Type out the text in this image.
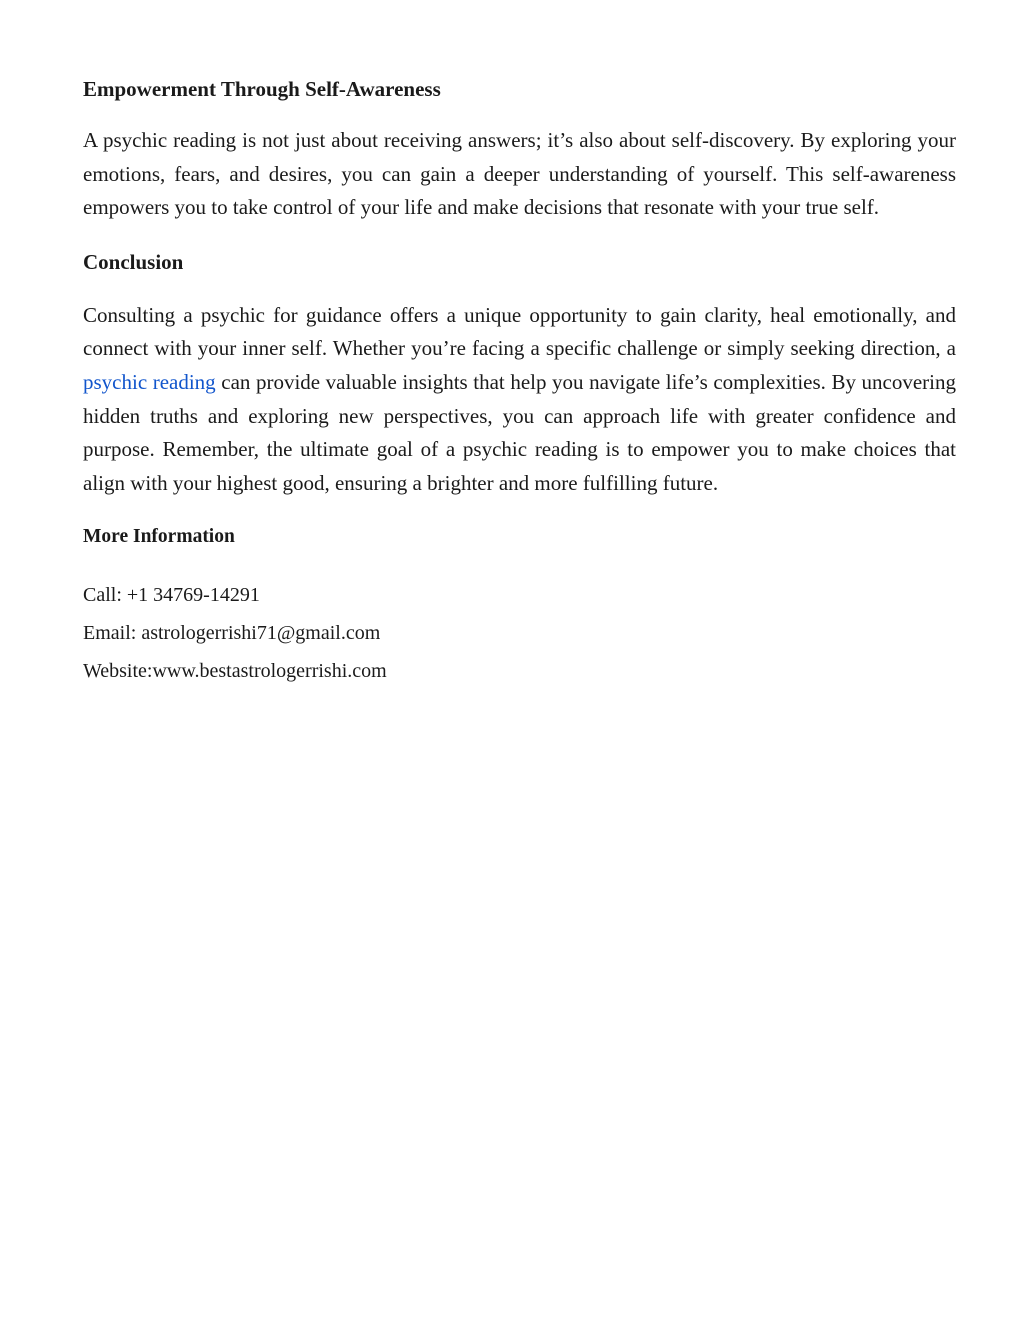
Empowerment Through Self-Awareness

A psychic reading is not just about receiving answers; it’s also about self-discovery. By exploring your emotions, fears, and desires, you can gain a deeper understanding of yourself. This self-awareness empowers you to take control of your life and make decisions that resonate with your true self.

Conclusion

Consulting a psychic for guidance offers a unique opportunity to gain clarity, heal emotionally, and connect with your inner self. Whether you’re facing a specific challenge or simply seeking direction, a psychic reading can provide valuable insights that help you navigate life’s complexities. By uncovering hidden truths and exploring new perspectives, you can approach life with greater confidence and purpose. Remember, the ultimate goal of a psychic reading is to empower you to make choices that align with your highest good, ensuring a brighter and more fulfilling future.

More Information

Call: +1 34769-14291

Email: astrologerrishi71@gmail.com

Website:www.bestastrologerrishi.com
